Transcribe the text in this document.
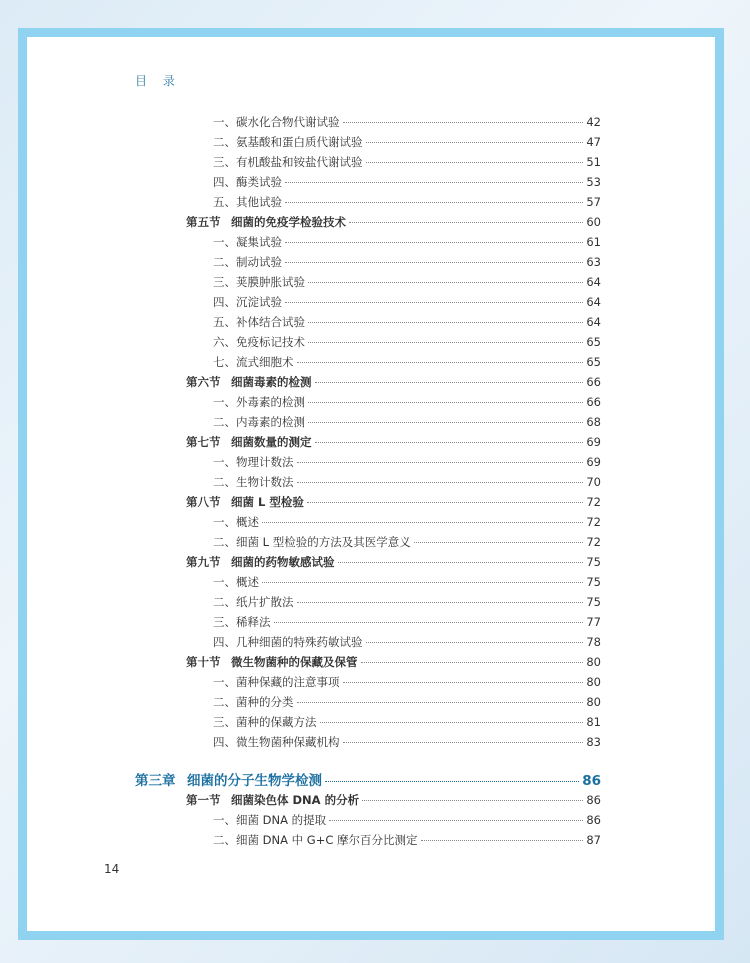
目 录
一、碳水化合物代谢试验	42
二、氨基酸和蛋白质代谢试验	47
三、有机酸盐和铵盐代谢试验	51
四、酶类试验	53
五、其他试验	57
第五节 细菌的免疫学检验技术	60
一、凝集试验	61
二、制动试验	63
三、荚膜肿胀试验	64
四、沉淀试验	64
五、补体结合试验	64
六、免疫标记技术	65
七、流式细胞术	65
第六节 细菌毒素的检测	66
一、外毒素的检测	66
二、内毒素的检测	68
第七节 细菌数量的测定	69
一、物理计数法	69
二、生物计数法	70
第八节 细菌 L 型检验	72
一、概述	72
二、细菌 L 型检验的方法及其医学意义	72
第九节 细菌的药物敏感试验	75
一、概述	75
二、纸片扩散法	75
三、稀释法	77
四、几种细菌的特殊药敏试验	78
第十节 微生物菌种的保藏及保管	80
一、菌种保藏的注意事项	80
二、菌种的分类	80
三、菌种的保藏方法	81
四、微生物菌种保藏机构	83
第三章 细菌的分子生物学检测	86
第一节 细菌染色体 DNA 的分析	86
一、细菌 DNA 的提取	86
二、细菌 DNA 中 G+C 摩尔百分比测定	87
14
